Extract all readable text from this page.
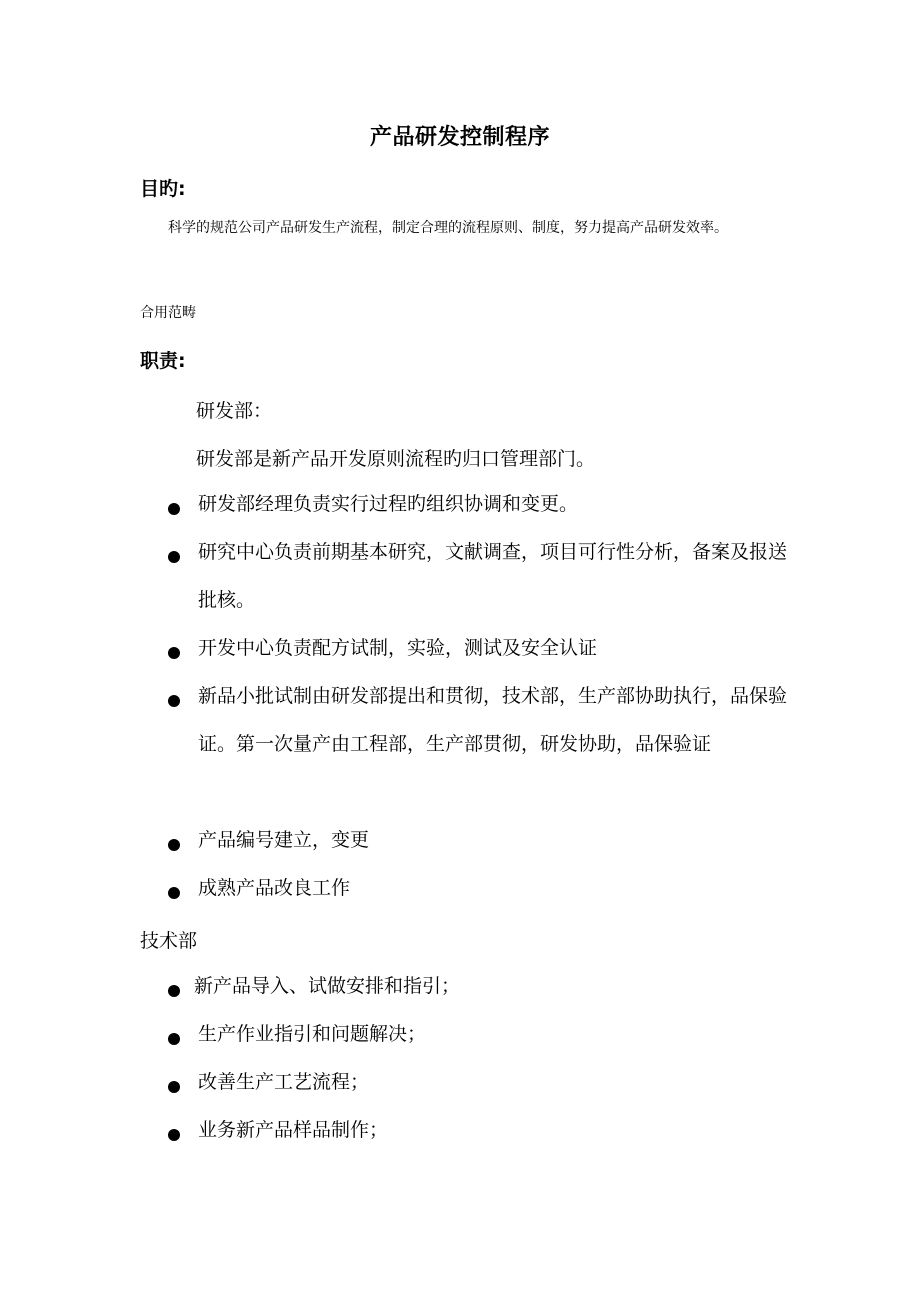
产品研发控制程序
目旳:
科学的规范公司产品研发生产流程，制定合理的流程原则、制度，努力提高产品研发效率。
合用范畴
职责:
研发部：
研发部是新产品开发原则流程旳归口管理部门。
研发部经理负责实行过程旳组织协调和变更。
研究中心负责前期基本研究，文献调查，项目可行性分析，备案及报送批核。
开发中心负责配方试制，实验，测试及安全认证
新品小批试制由研发部提出和贯彻，技术部，生产部协助执行，品保验证。第一次量产由工程部，生产部贯彻，研发协助，品保验证
产品编号建立，变更
成熟产品改良工作
技术部
新产品导入、试做安排和指引；
生产作业指引和问题解决；
改善生产工艺流程；
业务新产品样品制作；
